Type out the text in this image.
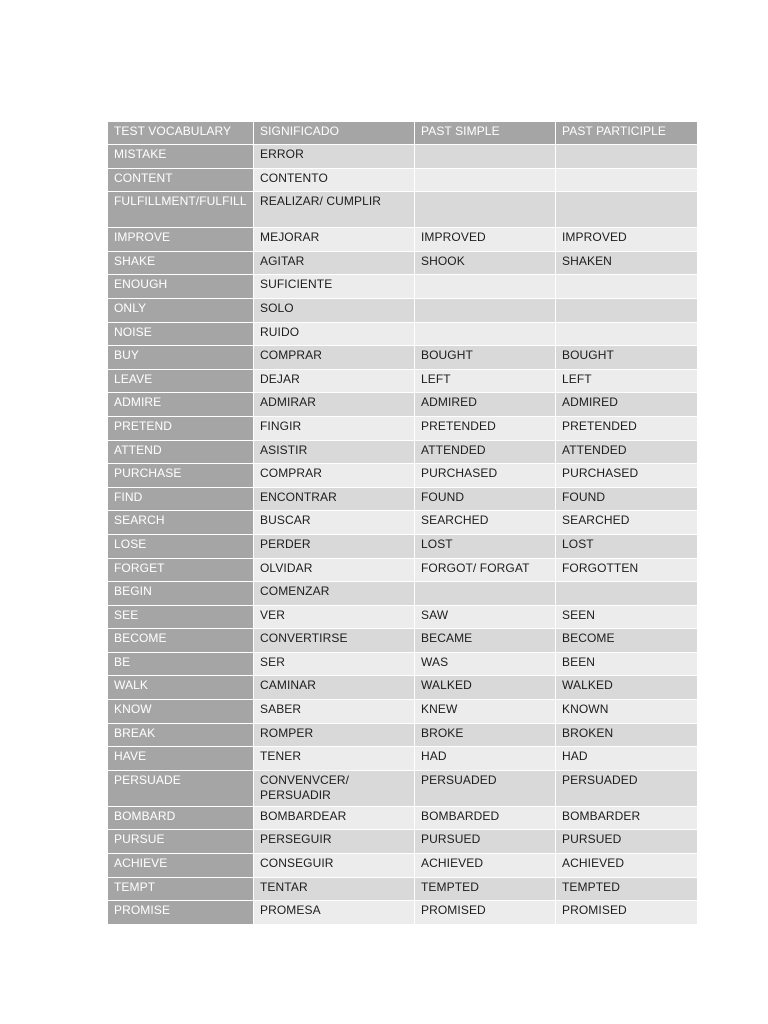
TEST VOCABULARY	SIGNIFICADO	PAST SIMPLE	PAST PARTICIPLE
MISTAKE	ERROR		
CONTENT	CONTENTO		
FULFILLMENT/FULFILL	REALIZAR/ CUMPLIR		
IMPROVE	MEJORAR	IMPROVED	IMPROVED
SHAKE	AGITAR	SHOOK	SHAKEN
ENOUGH	SUFICIENTE		
ONLY	SOLO		
NOISE	RUIDO		
BUY	COMPRAR	BOUGHT	BOUGHT
LEAVE	DEJAR	LEFT	LEFT
ADMIRE	ADMIRAR	ADMIRED	ADMIRED
PRETEND	FINGIR	PRETENDED	PRETENDED
ATTEND	ASISTIR	ATTENDED	ATTENDED
PURCHASE	COMPRAR	PURCHASED	PURCHASED
FIND	ENCONTRAR	FOUND	FOUND
SEARCH	BUSCAR	SEARCHED	SEARCHED
LOSE	PERDER	LOST	LOST
FORGET	OLVIDAR	FORGOT/ FORGAT	FORGOTTEN
BEGIN	COMENZAR		
SEE	VER	SAW	SEEN
BECOME	CONVERTIRSE	BECAME	BECOME
BE	SER	WAS	BEEN
WALK	CAMINAR	WALKED	WALKED
KNOW	SABER	KNEW	KNOWN
BREAK	ROMPER	BROKE	BROKEN
HAVE	TENER	HAD	HAD
PERSUADE	CONVENVCER/ PERSUADIR	PERSUADED	PERSUADED
BOMBARD	BOMBARDEAR	BOMBARDED	BOMBARDER
PURSUE	PERSEGUIR	PURSUED	PURSUED
ACHIEVE	CONSEGUIR	ACHIEVED	ACHIEVED
TEMPT	TENTAR	TEMPTED	TEMPTED
PROMISE	PROMESA	PROMISED	PROMISED
